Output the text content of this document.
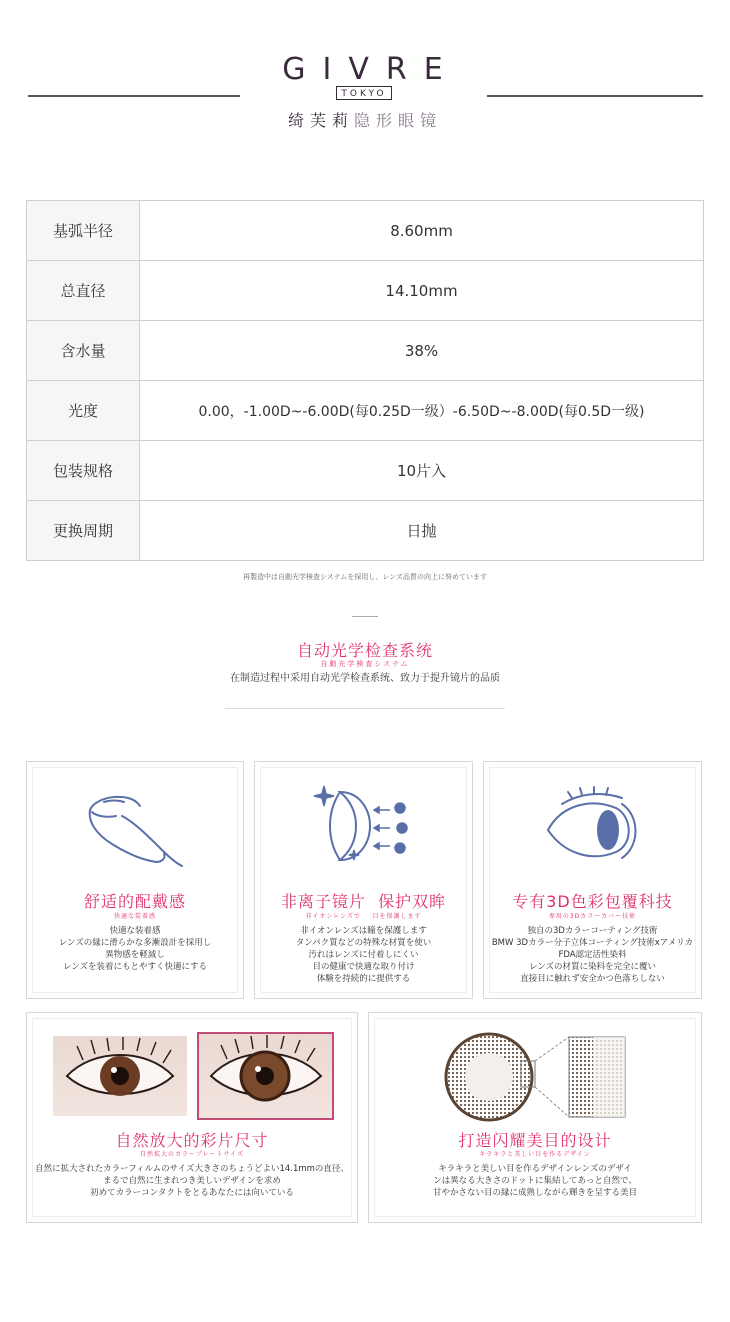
GIVRE
TOKYO
绮芙莉隐形眼镜
基弧半径	8.60mm
总直径	14.10mm
含水量	38%
光度	0.00，-1.00D~-6.00D(每0.25D一级）-6.50D~-8.00D(每0.5D一级)
包装规格	10片入
更换周期	日抛
再製造中は自動光学検査システムを採用し、レンズ品質の向上に努めています
自动光学检查系统
自動光学検査システム
在制造过程中采用自动光学检查系统、致力于提升镜片的品质
舒适的配戴感
快適な装着感
快適な装着感
レンズの縁に滑らかな多漸設計を採用し
異物感を軽減し
レンズを装着にもとやすく快適にする
非离子镜片  保护双眸
非イオンレンズで    目を保護します
非イオンレンズは瞳を保護します
タンパク質などの特殊な材質を使い
汚れはレンズに付着しにくい
目の健康で快適な取り付け
体験を持続的に提供する
专有3D色彩包覆科技
専用の3Dカラーカバー技術
独自の3Dカラーコーティング技術
BMW 3Dカラー分子立体コーティング技術xアメリカ
FDA認定活性染料
レンズの材質に染料を完全に覆い
直接目に触れず安全かつ色落ちしない
自然放大的彩片尺寸
自然拡大のカラープレートサイズ
自然に拡大されたカラーフィルムのサイズ大きさのちょうどよい14.1mmの直径、
まるで自然に生まれつき美しいデザインを求め
初めてカラーコンタクトをとるあなたには向いている
打造闪耀美目的设计
キラキラと美しい目を作るデザイン
キラキラと美しい目を作るデザインレンズのデザイ
ンは異なる大きさのドットに集結してあっと自然で、
甘やかさない目の縁に成熟しながら輝きを呈する美目
